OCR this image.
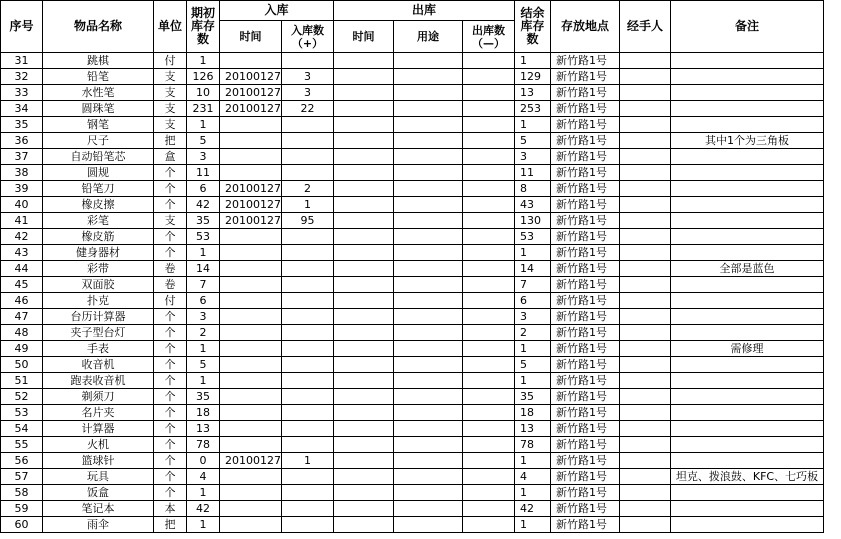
序号	物品名称	单位	期初库存数	入库		出库			结余库存数	存放地点	经手人	备注
				时间	入库数（+）	时间	用途	出库数（—）				
31	跳棋	付	1						1	新竹路1号		
32	铅笔	支	126	20100127	3				129	新竹路1号		
33	水性笔	支	10	20100127	3				13	新竹路1号		
34	圆珠笔	支	231	20100127	22				253	新竹路1号		
35	钢笔	支	1						1	新竹路1号		
36	尺子	把	5						5	新竹路1号		其中1个为三角板
37	自动铅笔芯	盒	3						3	新竹路1号		
38	圆规	个	11						11	新竹路1号		
39	铅笔刀	个	6	20100127	2				8	新竹路1号		
40	橡皮擦	个	42	20100127	1				43	新竹路1号		
41	彩笔	支	35	20100127	95				130	新竹路1号		
42	橡皮筋	个	53						53	新竹路1号		
43	健身器材	个	1						1	新竹路1号		
44	彩带	卷	14						14	新竹路1号		全部是蓝色
45	双面胶	卷	7						7	新竹路1号		
46	扑克	付	6						6	新竹路1号		
47	台历计算器	个	3						3	新竹路1号		
48	夹子型台灯	个	2						2	新竹路1号		
49	手表	个	1						1	新竹路1号		需修理
50	收音机	个	5						5	新竹路1号		
51	跑表收音机	个	1						1	新竹路1号		
52	剃须刀	个	35						35	新竹路1号		
53	名片夹	个	18						18	新竹路1号		
54	计算器	个	13						13	新竹路1号		
55	火机	个	78						78	新竹路1号		
56	篮球针	个	0	20100127	1				1	新竹路1号		
57	玩具	个	4						4	新竹路1号		坦克、拨浪鼓、KFC、七巧板
58	饭盒	个	1						1	新竹路1号		
59	笔记本	本	42						42	新竹路1号		
60	雨伞	把	1						1	新竹路1号		
